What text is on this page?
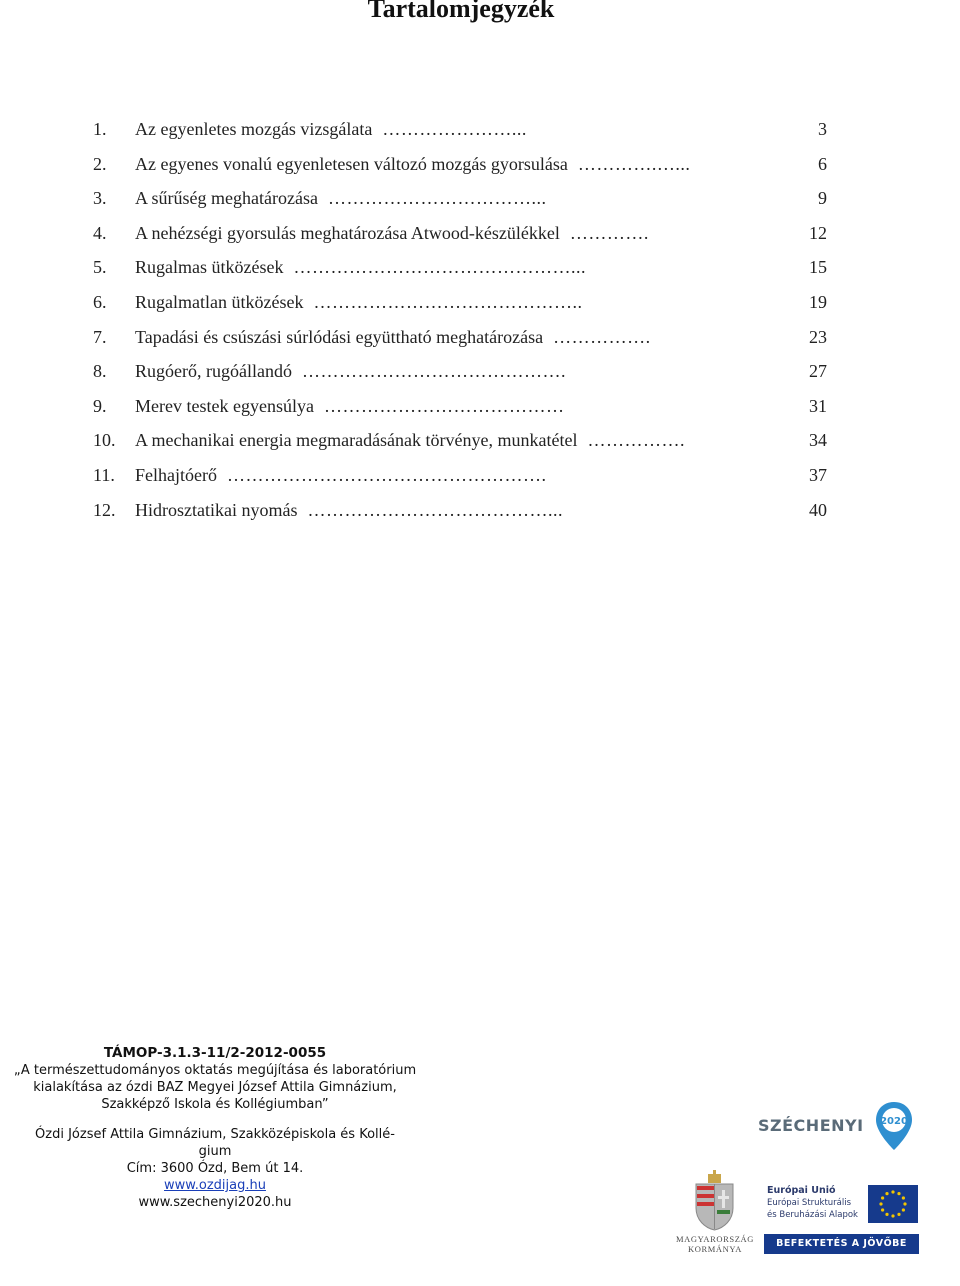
Tartalomjegyzék
1.	Az egyenletes mozgás vizsgálata …………………...	3
2.	Az egyenes vonalú egyenletesen változó mozgás gyorsulása ………….…...	6
3.	A sűrűség meghatározása ……………………………...	9
4.	A nehézségi gyorsulás meghatározása Atwood-készülékkel ………….	12
5.	Rugalmas ütközések ………………………………………...	15
6.	Rugalmatlan ütközések ……………………………………..	19
7.	Tapadási és csúszási súrlódási együttható meghatározása …………….	23
8.	Rugóerő, rugóállandó …………………………………….	27
9.	Merev testek egyensúlya …………………………………	31
10.	A mechanikai energia megmaradásának törvénye, munkatétel …………….	34
11.	Felhajtóerő …………………………………………….	37
12.	Hidrosztatikai nyomás …………………………………...	40
TÁMOP-3.1.3-11/2-2012-0055
„A természettudományos oktatás megújítása és laboratórium
kialakítása az ózdi BAZ Megyei József Attila Gimnázium,
Szakképző Iskola és Kollégiumban”
Ózdi József Attila Gimnázium, Szakközépiskola és Kollé-
gium
Cím: 3600 Ózd, Bem út 14.
www.ozdijag.hu
www.szechenyi2020.hu
SZÉCHENYI 2020
MAGYARORSZÁG
KORMÁNYA
Európai Unió
Európai Strukturális
és Beruházási Alapok
BEFEKTETÉS A JÖVŐBE
